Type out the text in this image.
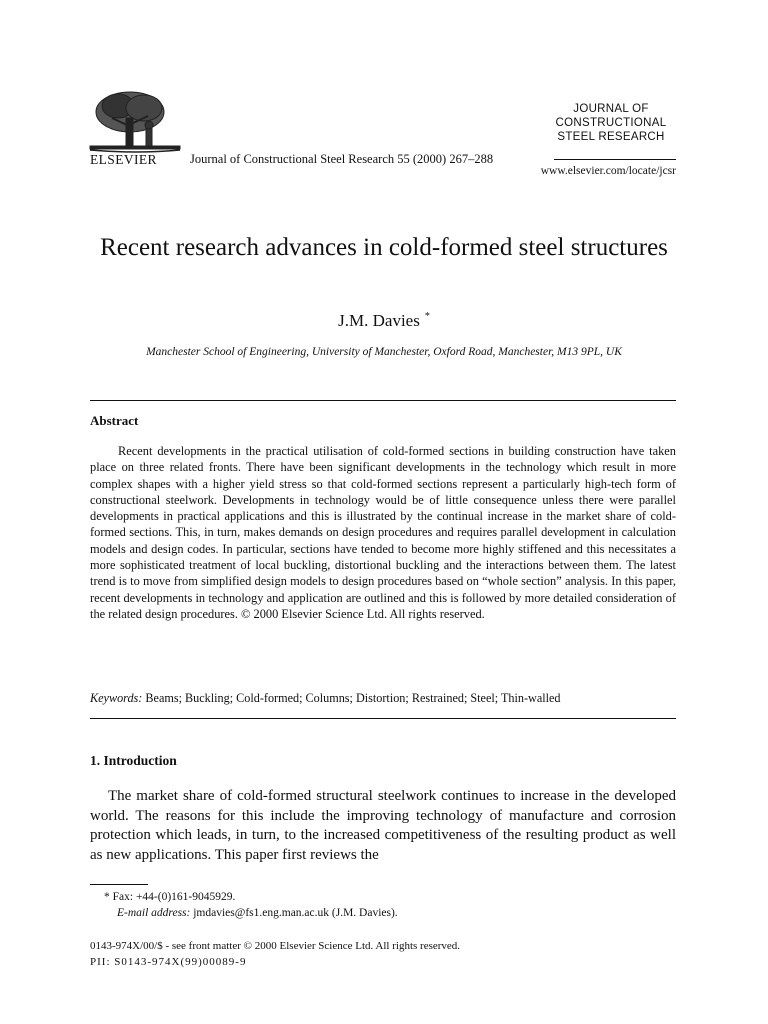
ELSEVIER	Journal of Constructional Steel Research 55 (2000) 267–288
JOURNAL OF
CONSTRUCTIONAL
STEEL RESEARCH
www.elsevier.com/locate/jcsr
Recent research advances in cold-formed steel structures
J.M. Davies *
Manchester School of Engineering, University of Manchester, Oxford Road, Manchester, M13 9PL, UK
Abstract

Recent developments in the practical utilisation of cold-formed sections in building construction have taken place on three related fronts. There have been significant developments in the technology which result in more complex shapes with a higher yield stress so that cold-formed sections represent a particularly high-tech form of constructional steelwork. Developments in technology would be of little consequence unless there were parallel developments in practical applications and this is illustrated by the continual increase in the market share of cold-formed sections. This, in turn, makes demands on design procedures and requires parallel development in calculation models and design codes. In particular, sections have tended to become more highly stiffened and this necessitates a more sophisticated treatment of local buckling, distortional buckling and the interactions between them. The latest trend is to move from simplified design models to design procedures based on “whole section” analysis. In this paper, recent developments in technology and application are outlined and this is followed by more detailed consideration of the related design procedures. © 2000 Elsevier Science Ltd. All rights reserved.

Keywords: Beams; Buckling; Cold-formed; Columns; Distortion; Restrained; Steel; Thin-walled
1. Introduction

The market share of cold-formed structural steelwork continues to increase in the developed world. The reasons for this include the improving technology of manufacture and corrosion protection which leads, in turn, to the increased competitiveness of the resulting product as well as new applications. This paper first reviews the

* Fax: +44-(0)161-9045929.
E-mail address: jmdavies@fs1.eng.man.ac.uk (J.M. Davies).
0143-974X/00/$ - see front matter © 2000 Elsevier Science Ltd. All rights reserved.
PII: S0143-974X(99)00089-9
